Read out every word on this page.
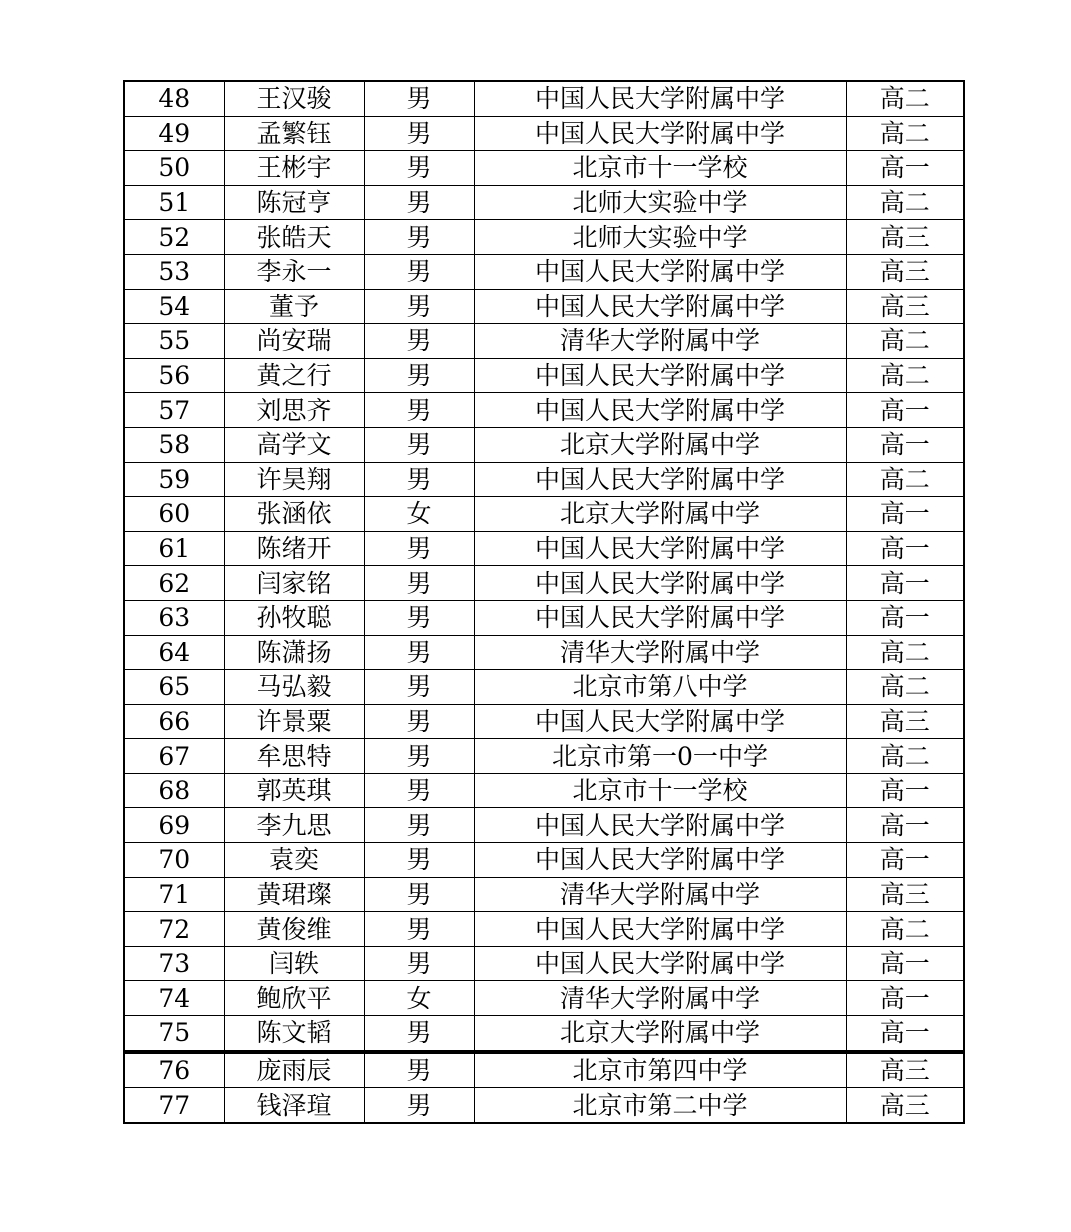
48	王汉骏	男	中国人民大学附属中学	高二
49	孟繁钰	男	中国人民大学附属中学	高二
50	王彬宇	男	北京市十一学校	高一
51	陈冠亨	男	北师大实验中学	高二
52	张皓天	男	北师大实验中学	高三
53	李永一	男	中国人民大学附属中学	高三
54	董予	男	中国人民大学附属中学	高三
55	尚安瑞	男	清华大学附属中学	高二
56	黄之行	男	中国人民大学附属中学	高二
57	刘思齐	男	中国人民大学附属中学	高一
58	高学文	男	北京大学附属中学	高一
59	许昊翔	男	中国人民大学附属中学	高二
60	张涵依	女	北京大学附属中学	高一
61	陈绪开	男	中国人民大学附属中学	高一
62	闫家铭	男	中国人民大学附属中学	高一
63	孙牧聪	男	中国人民大学附属中学	高一
64	陈潇扬	男	清华大学附属中学	高二
65	马弘毅	男	北京市第八中学	高二
66	许景粟	男	中国人民大学附属中学	高三
67	牟思特	男	北京市第一0一中学	高二
68	郭英琪	男	北京市十一学校	高一
69	李九思	男	中国人民大学附属中学	高一
70	袁奕	男	中国人民大学附属中学	高一
71	黄珺璨	男	清华大学附属中学	高三
72	黄俊维	男	中国人民大学附属中学	高二
73	闫轶	男	中国人民大学附属中学	高一
74	鲍欣平	女	清华大学附属中学	高一
75	陈文韬	男	北京大学附属中学	高一
76	庞雨辰	男	北京市第四中学	高三
77	钱泽瑄	男	北京市第二中学	高三
